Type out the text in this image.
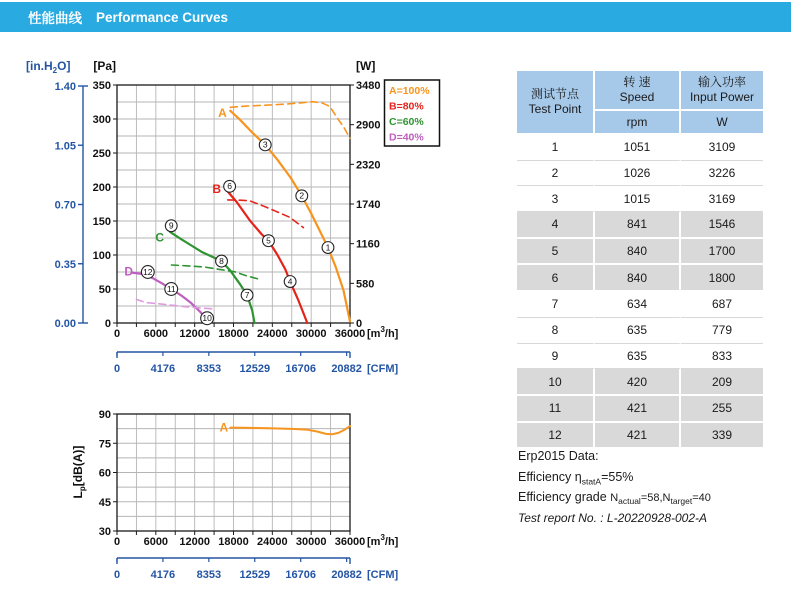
性能曲线 Performance Curves
A
B
C
D
3
2
1
6
5
4
9
8
7
12
11
10
0 6000 12000 18000 24000 30000 36000 $[m^3/h]$
0
50
100
150
200
250
300
350
[Pa]
3480
2900
2320
1740
1160
580
0
[W]
1.40
1.05
0.70
0.35
0.00
$[in.H_2O]$
0	4176 8353 12529 16706 20882 [CFM]
A=100%
B=80%
C=60%
D=40%
A
90
75
60
45
30
$L_p[dB(A)]$
0 6000 12000 18000 24000 30000 36000 $[m^3/h]$
0	4176 8353 12529 16706 20882 [CFM]
测试节点
Test Point

转 速
Speed

输入功率
Input Power

	rpm	W
1	1051	3109
2	1026	3226
3	1015	3169
4	841	1546
5	840	1700
6	840	1800
7	634	687
8	635	779
9	635	833
10	420	209
11	421	255
12	421	339
Erp2015 Data:
Efficiency $\eta_{statA}=55\%$
Efficiency grade $N_{actual}=58,N_{target}=40$
Test report No. : L-20220928-002-A
